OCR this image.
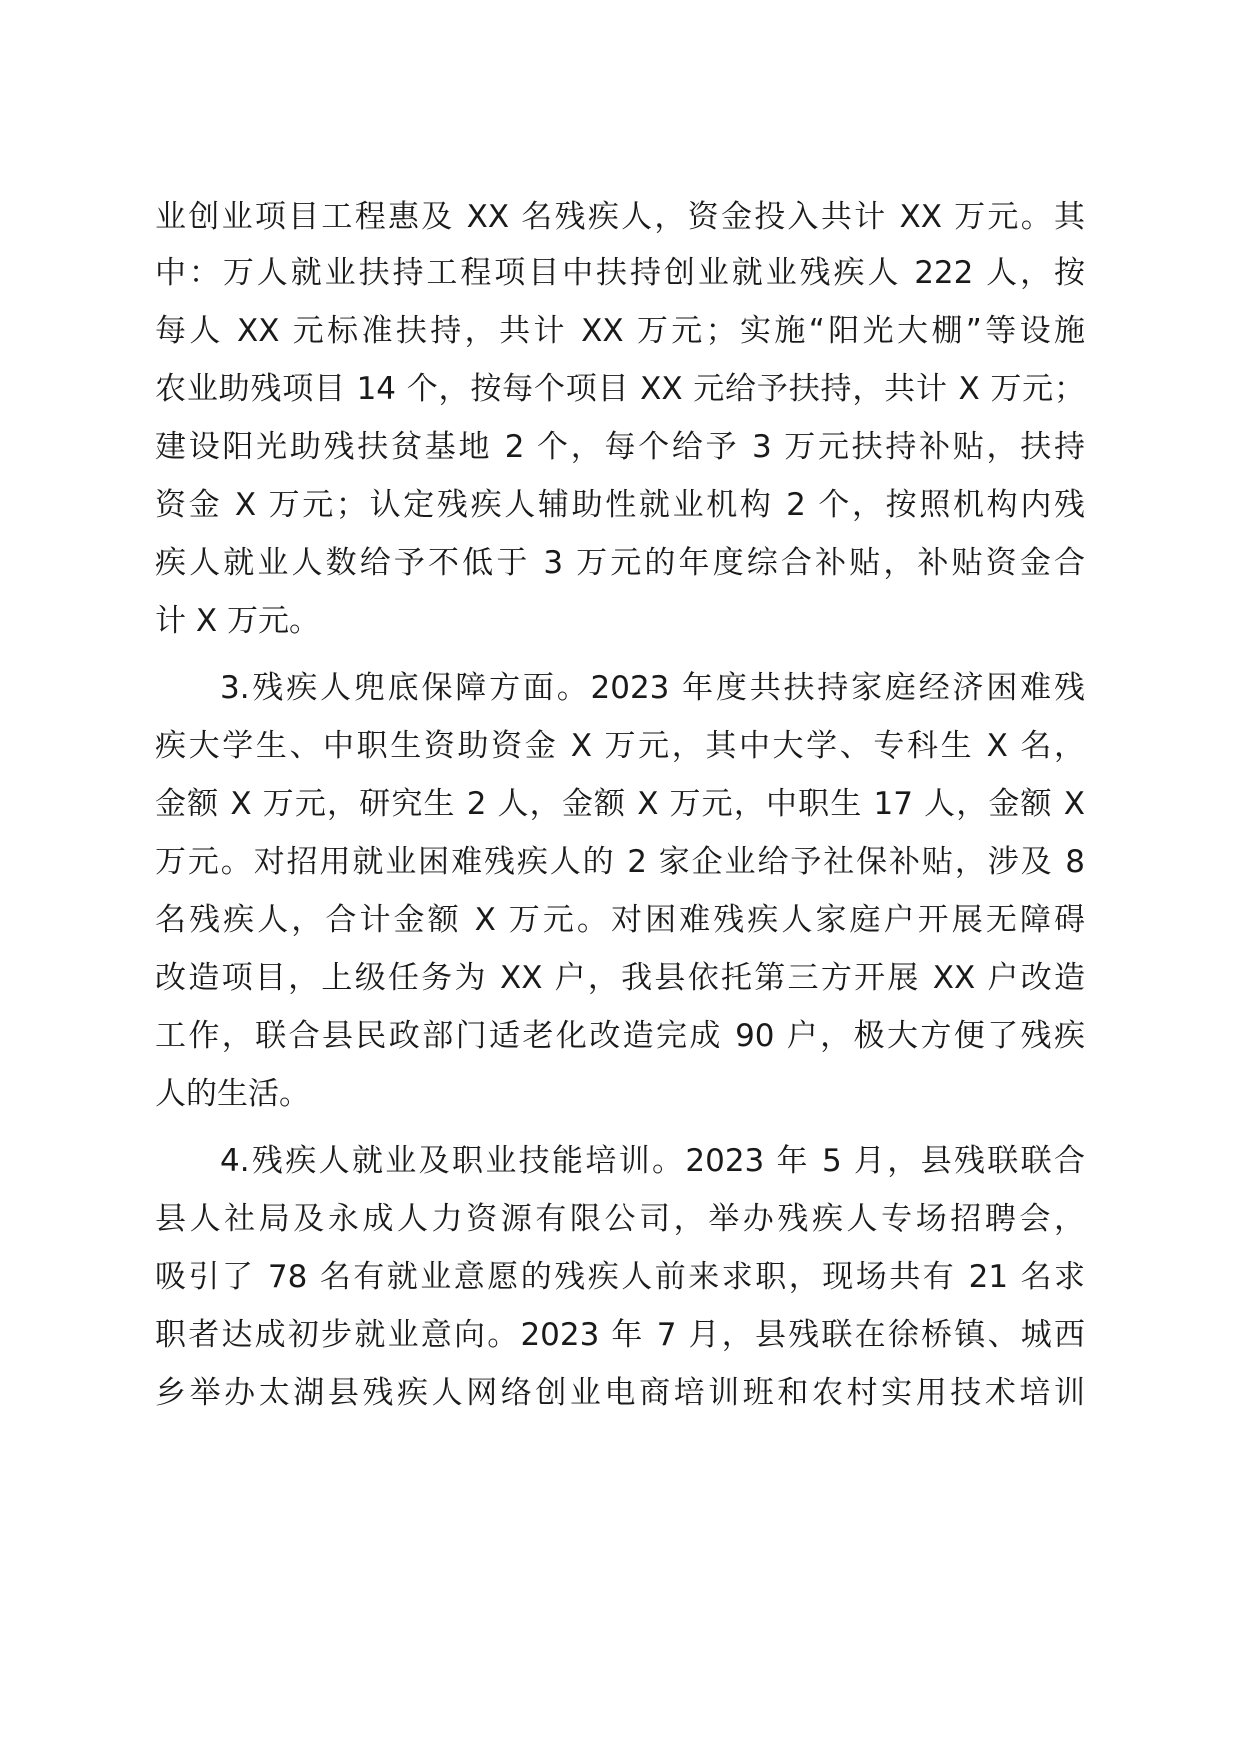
业创业项目工程惠及 XX 名残疾人，资金投入共计 XX 万元。其
中：万人就业扶持工程项目中扶持创业就业残疾人 222 人，按
每人 XX 元标准扶持，共计 XX 万元；实施“阳光大棚”等设施
农业助残项目 14 个，按每个项目 XX 元给予扶持，共计 X 万元；
建设阳光助残扶贫基地 2 个，每个给予 3 万元扶持补贴，扶持
资金 X 万元；认定残疾人辅助性就业机构 2 个，按照机构内残
疾人就业人数给予不低于 3 万元的年度综合补贴，补贴资金合
计 X 万元。
3.残疾人兜底保障方面。2023 年度共扶持家庭经济困难残
疾大学生、中职生资助资金 X 万元，其中大学、专科生 X 名，
金额 X 万元，研究生 2 人，金额 X 万元，中职生 17 人，金额 X
万元。对招用就业困难残疾人的 2 家企业给予社保补贴，涉及 8
名残疾人，合计金额 X 万元。对困难残疾人家庭户开展无障碍
改造项目，上级任务为 XX 户，我县依托第三方开展 XX 户改造
工作，联合县民政部门适老化改造完成 90 户，极大方便了残疾
人的生活。
4.残疾人就业及职业技能培训。2023 年 5 月，县残联联合
县人社局及永成人力资源有限公司，举办残疾人专场招聘会，
吸引了 78 名有就业意愿的残疾人前来求职，现场共有 21 名求
职者达成初步就业意向。2023 年 7 月，县残联在徐桥镇、城西
乡举办太湖县残疾人网络创业电商培训班和农村实用技术培训
